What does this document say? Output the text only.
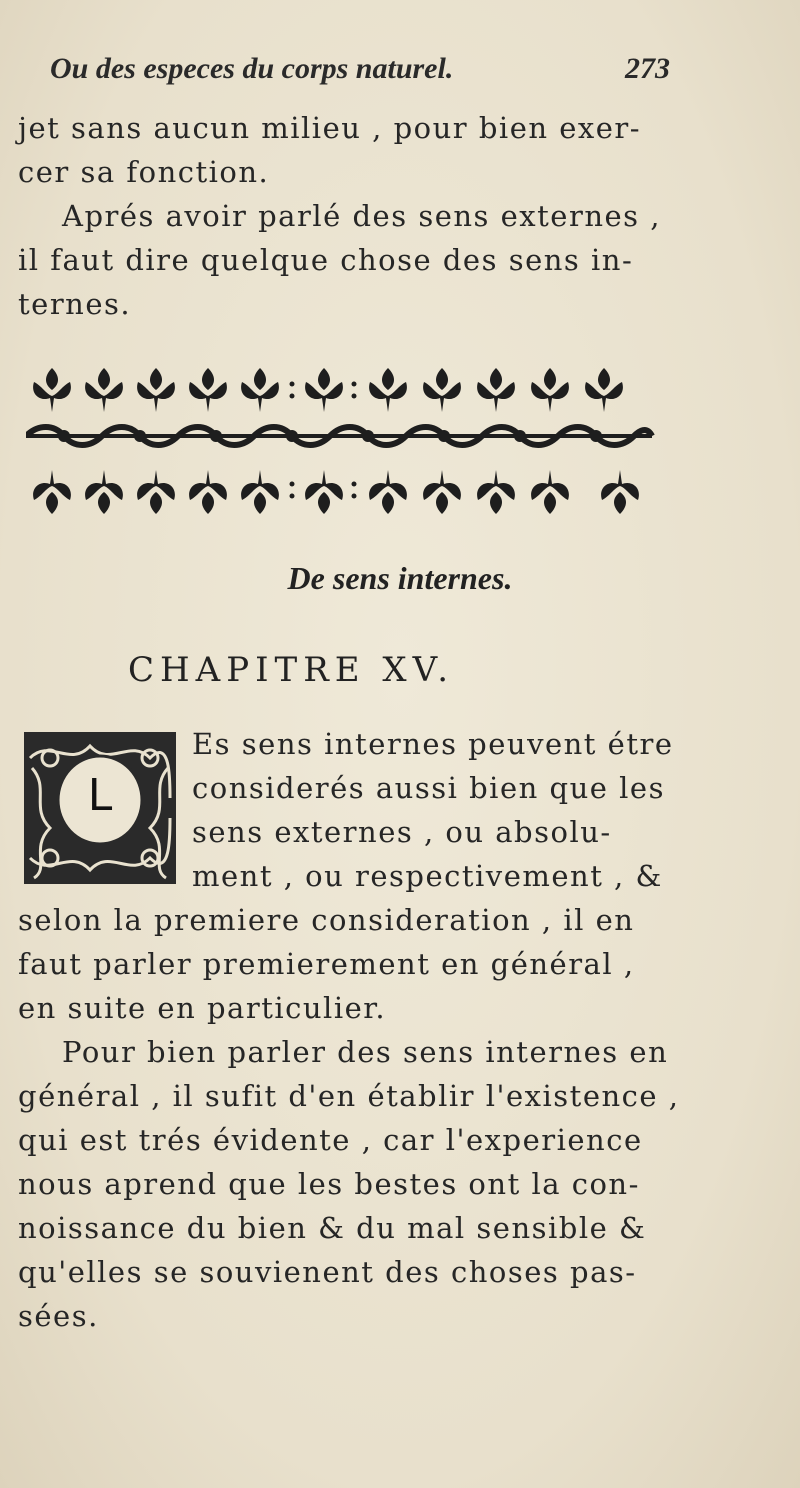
Ou des especes du corps naturel.	273
jet sans aucun milieu , pour bien exer-
cer sa fonction.
Aprés avoir parlé des sens externes ,
il faut dire quelque chose des sens in-
ternes.
De sens internes.
CHAPITRE XV.
L
Es sens internes peuvent étre
considerés aussi bien que les
sens externes , ou absolu-
ment , ou respectivement , &
selon la premiere consideration , il en
faut parler premierement en général ,
en suite en particulier.
Pour bien parler des sens internes en
général , il sufit d'en établir l'existence ,
qui est trés évidente , car l'experience
nous aprend que les bestes ont la con-
noissance du bien & du mal sensible &
qu'elles se souvienent des choses pas-
sées.
